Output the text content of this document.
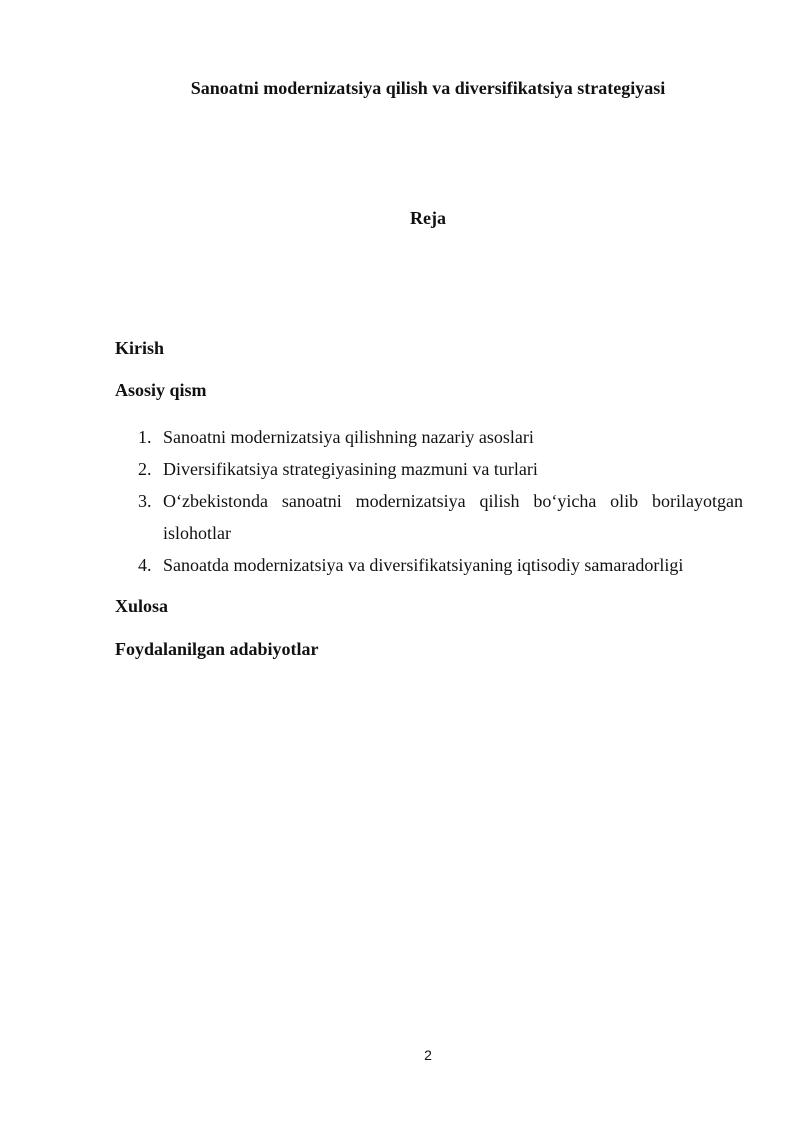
Sanoatni modernizatsiya qilish va diversifikatsiya strategiyasi
Reja
Kirish
Asosiy qism
1. Sanoatni modernizatsiya qilishning nazariy asoslari
2. Diversifikatsiya strategiyasining mazmuni va turlari
3. O‘zbekistonda sanoatni modernizatsiya qilish bo‘yicha olib borilayotgan islohotlar
4. Sanoatda modernizatsiya va diversifikatsiyaning iqtisodiy samaradorligi
Xulosa
Foydalanilgan adabiyotlar
2
